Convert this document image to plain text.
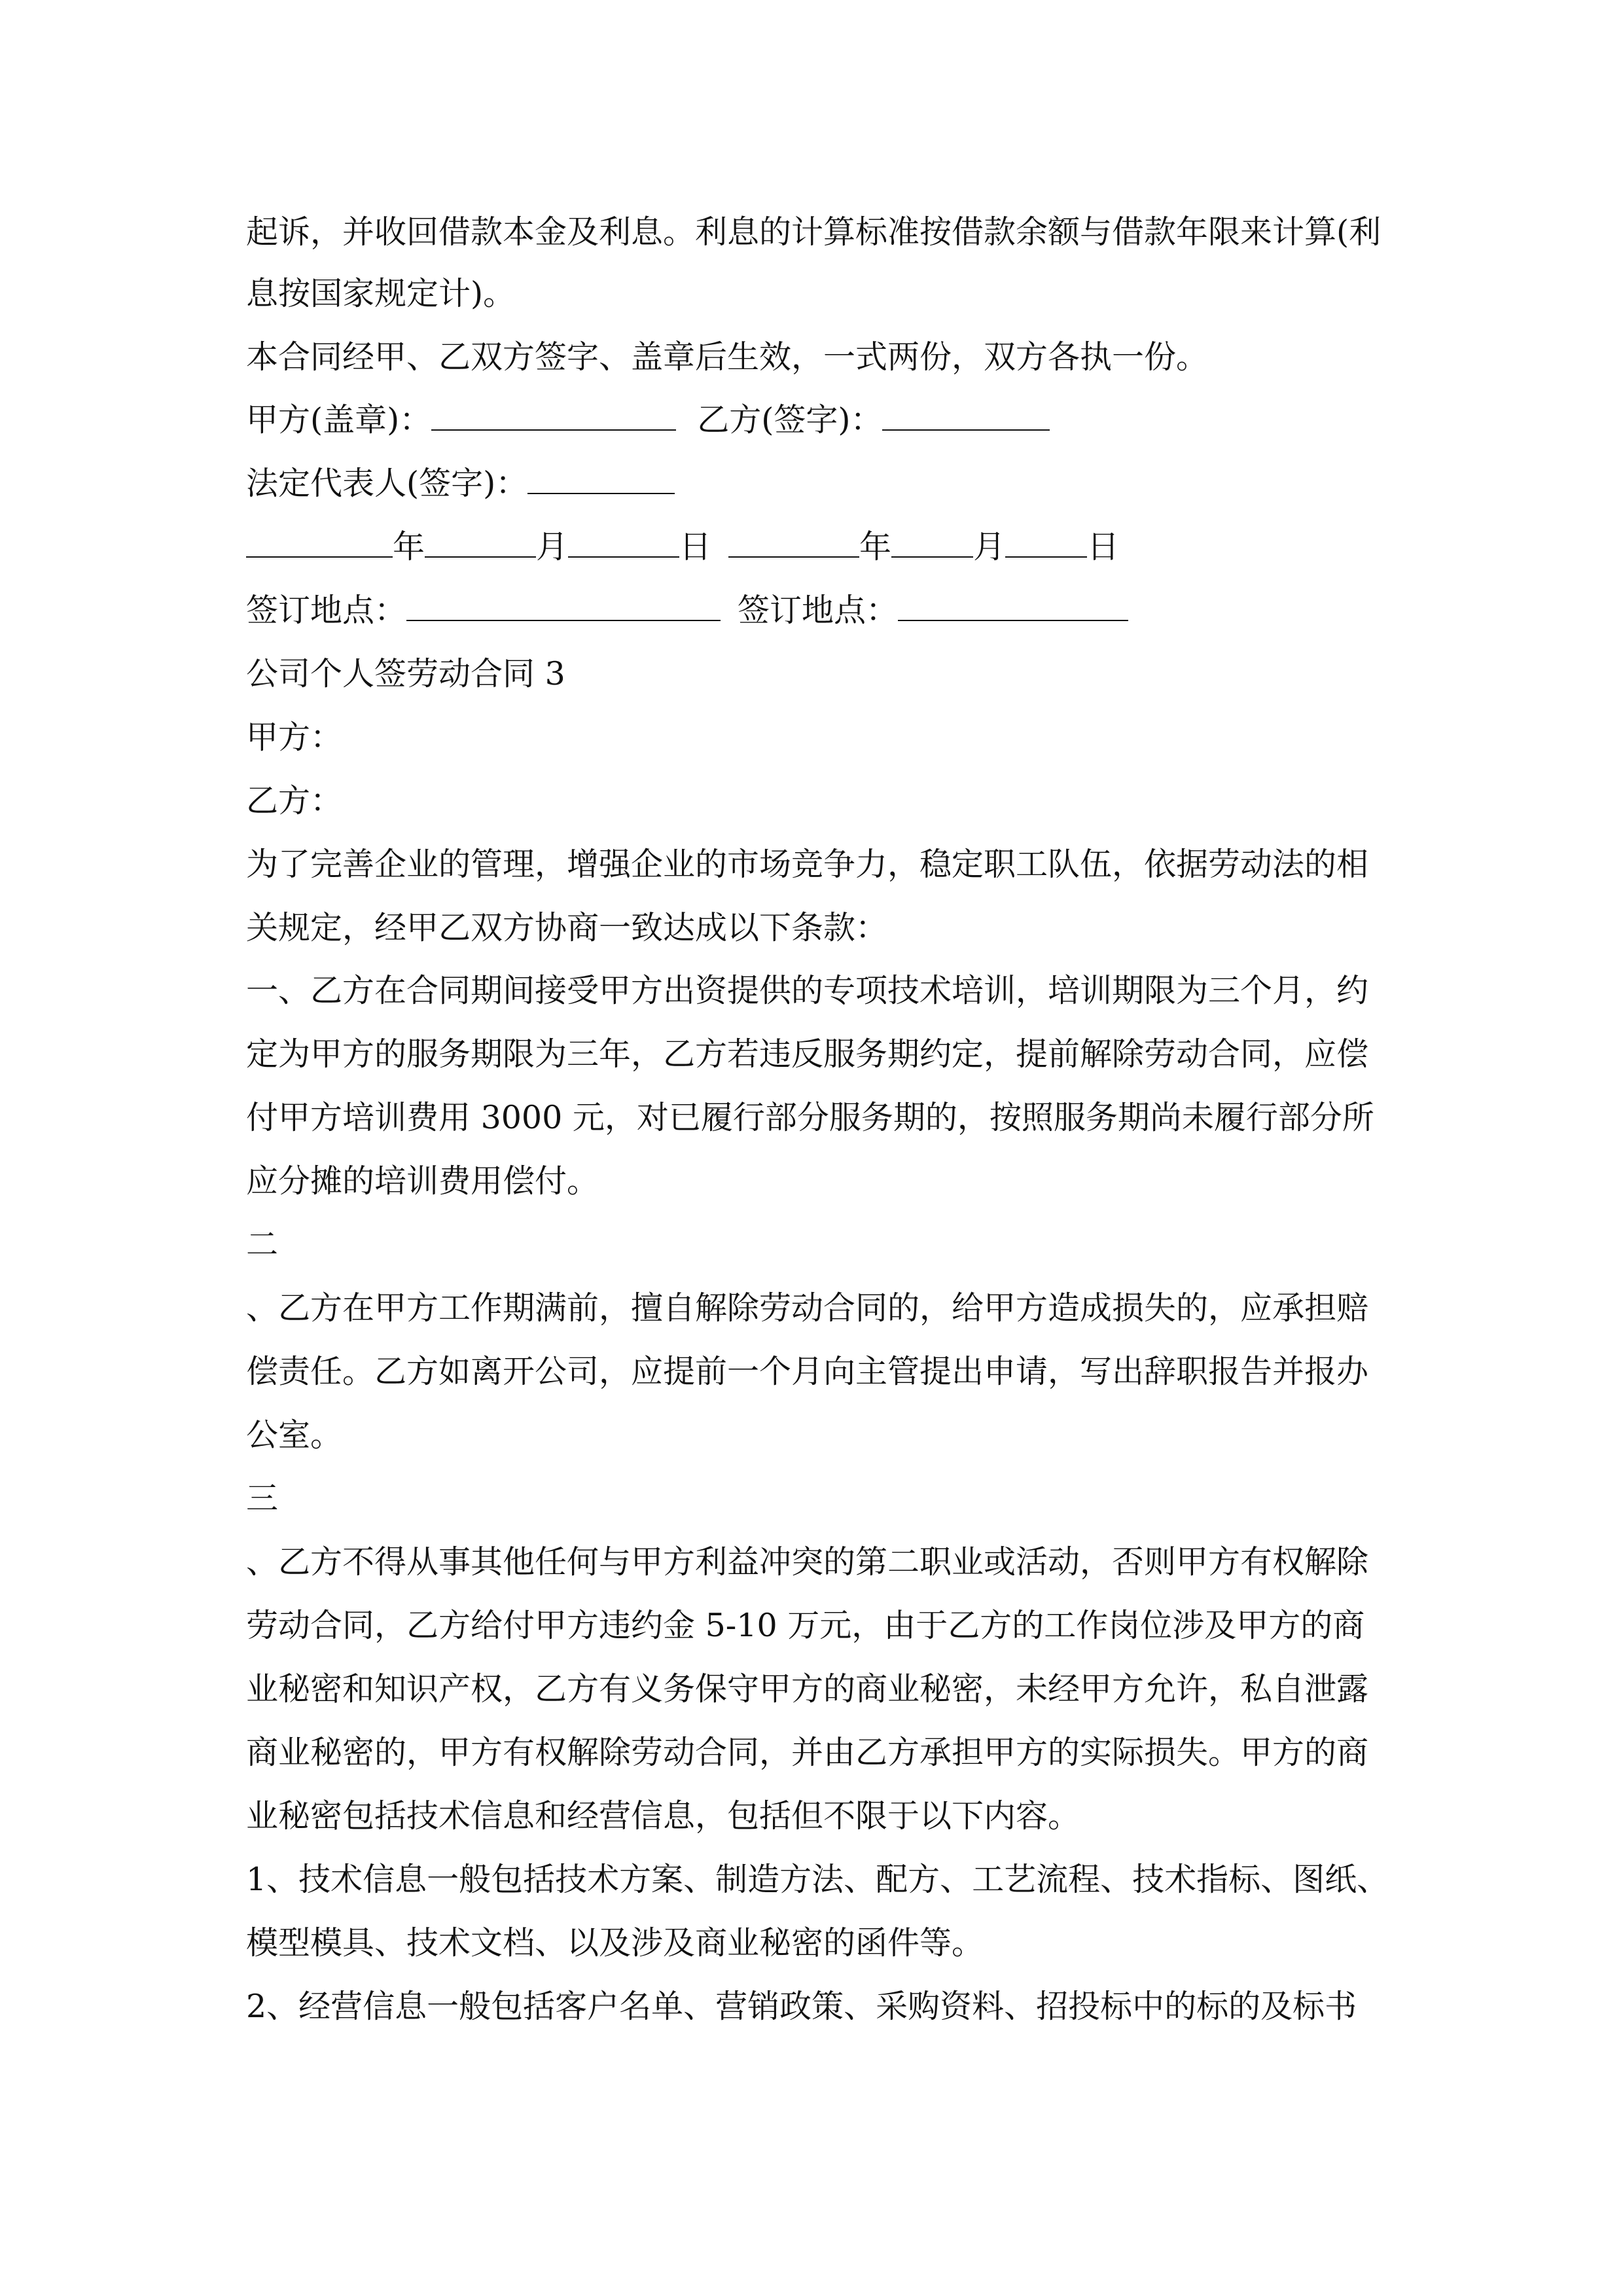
起诉，并收回借款本金及利息。利息的计算标准按借款余额与借款年限来计算(利
息按国家规定计)。
本合同经甲、乙双方签字、盖章后生效，一式两份，双方各执一份。
甲方(盖章)：	乙方(签字)：
法定代表人(签字)：
年	月	日	年	月	日
签订地点：	签订地点：
公司个人签劳动合同 3
甲方：
乙方：
为了完善企业的管理，增强企业的市场竞争力，稳定职工队伍，依据劳动法的相
关规定，经甲乙双方协商一致达成以下条款：
一、乙方在合同期间接受甲方出资提供的专项技术培训，培训期限为三个月，约
定为甲方的服务期限为三年，乙方若违反服务期约定，提前解除劳动合同，应偿
付甲方培训费用 3000 元，对已履行部分服务期的，按照服务期尚未履行部分所
应分摊的培训费用偿付。
二
、乙方在甲方工作期满前，擅自解除劳动合同的，给甲方造成损失的，应承担赔
偿责任。乙方如离开公司，应提前一个月向主管提出申请，写出辞职报告并报办
公室。
三
、乙方不得从事其他任何与甲方利益冲突的第二职业或活动，否则甲方有权解除
劳动合同，乙方给付甲方违约金 5-10 万元，由于乙方的工作岗位涉及甲方的商
业秘密和知识产权，乙方有义务保守甲方的商业秘密，未经甲方允许，私自泄露
商业秘密的，甲方有权解除劳动合同，并由乙方承担甲方的实际损失。甲方的商
业秘密包括技术信息和经营信息，包括但不限于以下内容。
1、技术信息一般包括技术方案、制造方法、配方、工艺流程、技术指标、图纸、
模型模具、技术文档、以及涉及商业秘密的函件等。
2、经营信息一般包括客户名单、营销政策、采购资料、招投标中的标的及标书
